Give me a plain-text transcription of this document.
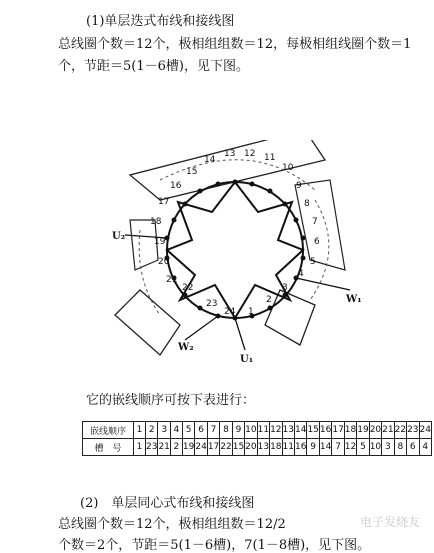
(1)单层迭式布线和接线图
总线圈个数＝12个，极相组组数＝12，每极相组线圈个数＝1
个，节距＝5(1－6槽)，见下图。
1
2
3
4
5
6
7
8
9
10
11
12
13
14
15
16
17
18
19
20
21
22
23
24
U₂
W₁
U₁
W₂
它的嵌线顺序可按下表进行：
嵌线顺序	1	2	3	4	5	6	7	8	9	10	11	12	13	14	15	16	17	18	19	20	21	22	23	24
槽　号	1	23	21	2	19	24	17	22	15	20	13	18	11	16	9	14	7	12	5	10	3	8	6	4
(2)　单层同心式布线和接线图
总线圈个数＝12个，极相组组数＝12/2
个数＝2个，节距＝5(1－6槽)，7(1－8槽)，见下图。
电子发烧友
